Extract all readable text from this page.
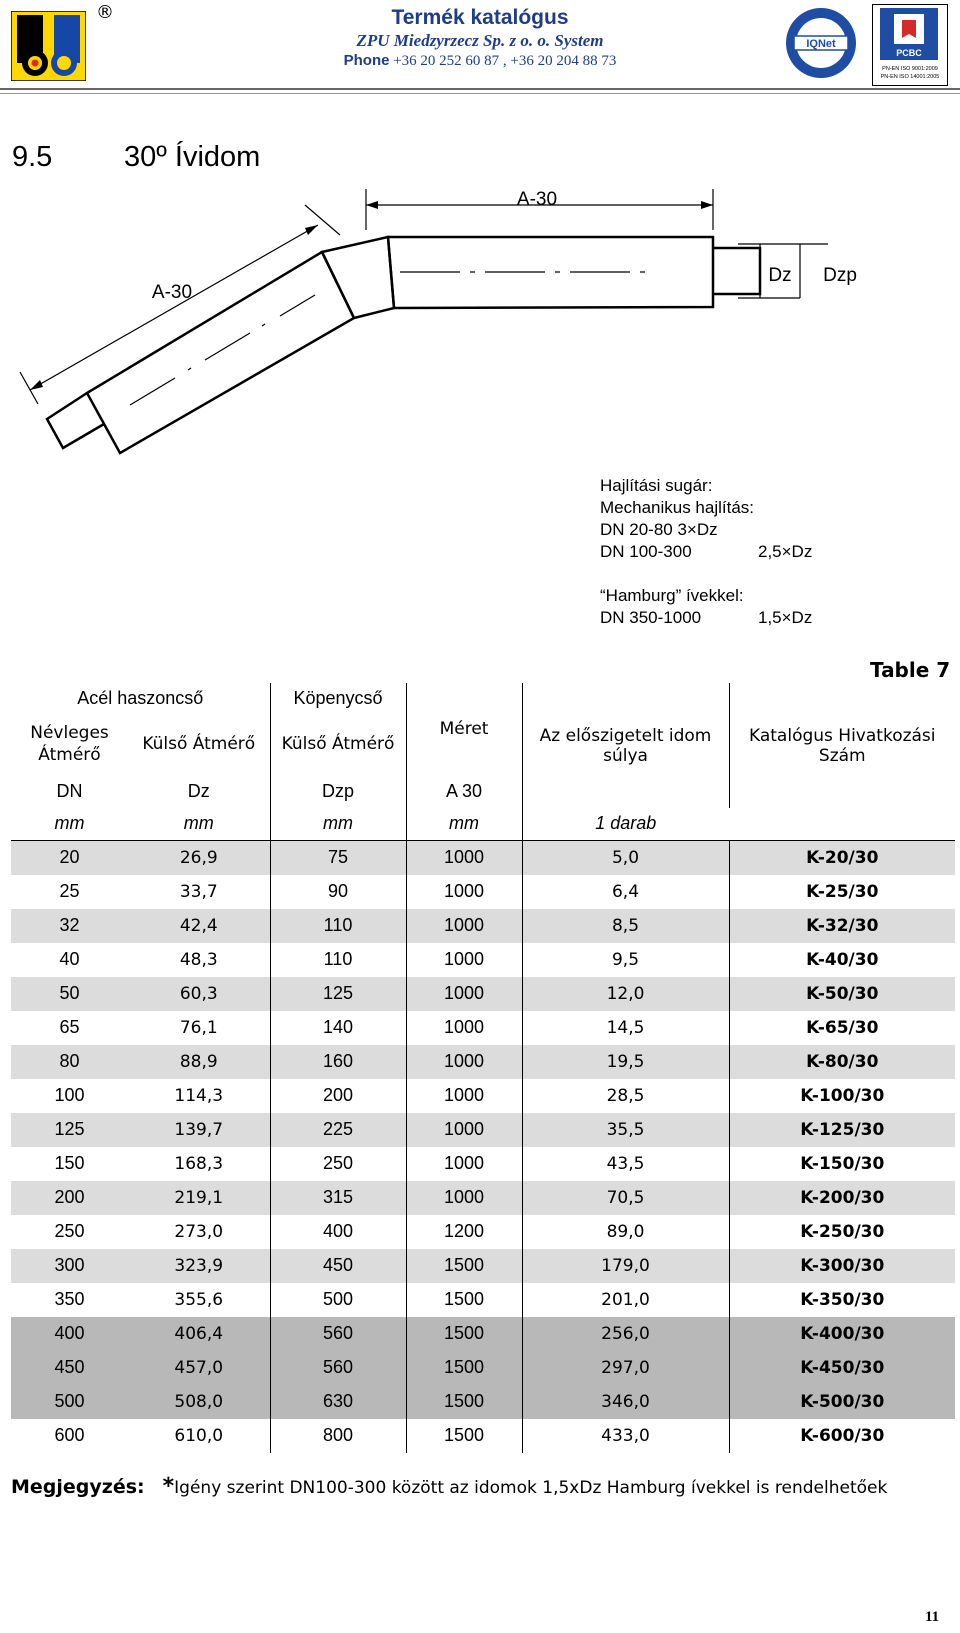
®	Termék katalógus
ZPU Miedzyrzecz Sp. z o. o. System
Phone +36 20 252 60 87 , +36 20 204 88 73
IQNet
PCBC
PN-EN ISO 9001:2009
PN-EN ISO 14001:2005
9.5 30º Ívidom
A-30
A-30
Dz Dzp
Hajlítási sugár:
Mechanikus hajlítás:
DN 20-80 3×Dz
DN 100-300	2,5×Dz
“Hamburg” ívekkel:
DN 350-1000	1,5×Dz
Table 7
Acél haszoncső		Köpenycső	Méret	Az előszigetelt idom súlya	Katalógus Hivatkozási Szám
Névleges Átmérő	Külső Átmérő	Külső Átmérő			
DN	Dz	Dzp	A 30		
mm	mm	mm	mm	1 darab	
20	26,9	75	1000	5,0	K-20/30
25	33,7	90	1000	6,4	K-25/30
32	42,4	110	1000	8,5	K-32/30
40	48,3	110	1000	9,5	K-40/30
50	60,3	125	1000	12,0	K-50/30
65	76,1	140	1000	14,5	K-65/30
80	88,9	160	1000	19,5	K-80/30
100	114,3	200	1000	28,5	K-100/30
125	139,7	225	1000	35,5	K-125/30
150	168,3	250	1000	43,5	K-150/30
200	219,1	315	1000	70,5	K-200/30
250	273,0	400	1200	89,0	K-250/30
300	323,9	450	1500	179,0	K-300/30
350	355,6	500	1500	201,0	K-350/30
400	406,4	560	1500	256,0	K-400/30
450	457,0	560	1500	297,0	K-450/30
500	508,0	630	1500	346,0	K-500/30
600	610,0	800	1500	433,0	K-600/30
Megjegyzés: *Igény szerint DN100-300 között az idomok 1,5xDz Hamburg ívekkel is rendelhetőek
11
